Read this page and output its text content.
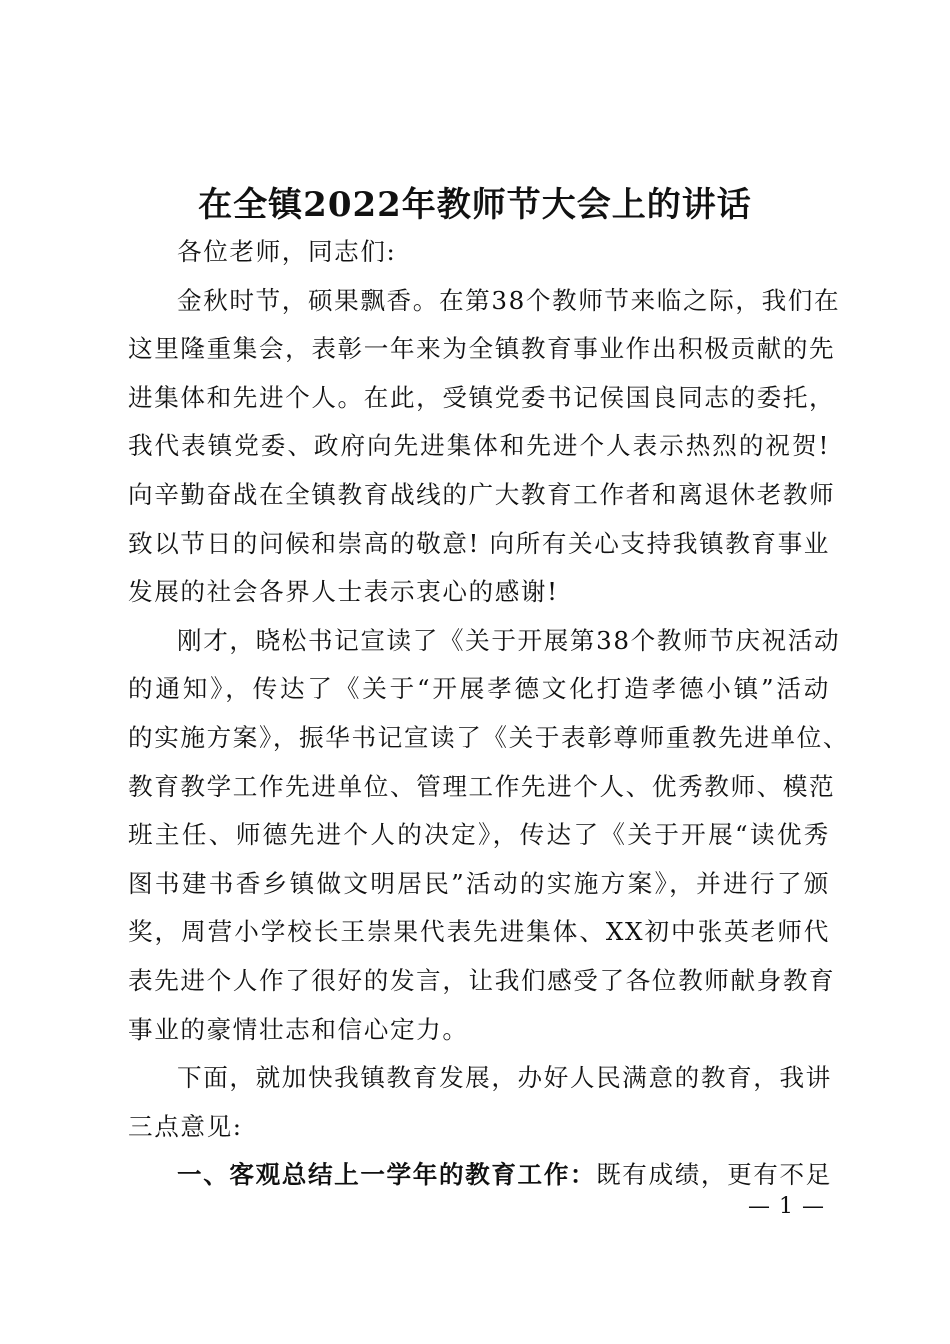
在全镇2022年教师节大会上的讲话
各位老师，同志们:
金秋时节，硕果飘香。在第38个教师节来临之际，我们在
这里隆重集会，表彰一年来为全镇教育事业作出积极贡献的先
进集体和先进个人。在此，受镇党委书记侯国良同志的委托，
我代表镇党委、政府向先进集体和先进个人表示热烈的祝贺!
向辛勤奋战在全镇教育战线的广大教育工作者和离退休老教师
致以节日的问候和崇高的敬意! 向所有关心支持我镇教育事业
发展的社会各界人士表示衷心的感谢!
刚才，晓松书记宣读了《关于开展第38个教师节庆祝活动
的通知》，传达了《关于“开展孝德文化打造孝德小镇”活动
的实施方案》，振华书记宣读了《关于表彰尊师重教先进单位、
教育教学工作先进单位、管理工作先进个人、优秀教师、模范
班主任、师德先进个人的决定》，传达了《关于开展“读优秀
图书建书香乡镇做文明居民”活动的实施方案》，并进行了颁
奖，周营小学校长王崇果代表先进集体、XX初中张英老师代
表先进个人作了很好的发言，让我们感受了各位教师献身教育
事业的豪情壮志和信心定力。
下面，就加快我镇教育发展，办好人民满意的教育，我讲
三点意见:
一、客观总结上一学年的教育工作：既有成绩，更有不足
— 1 —
